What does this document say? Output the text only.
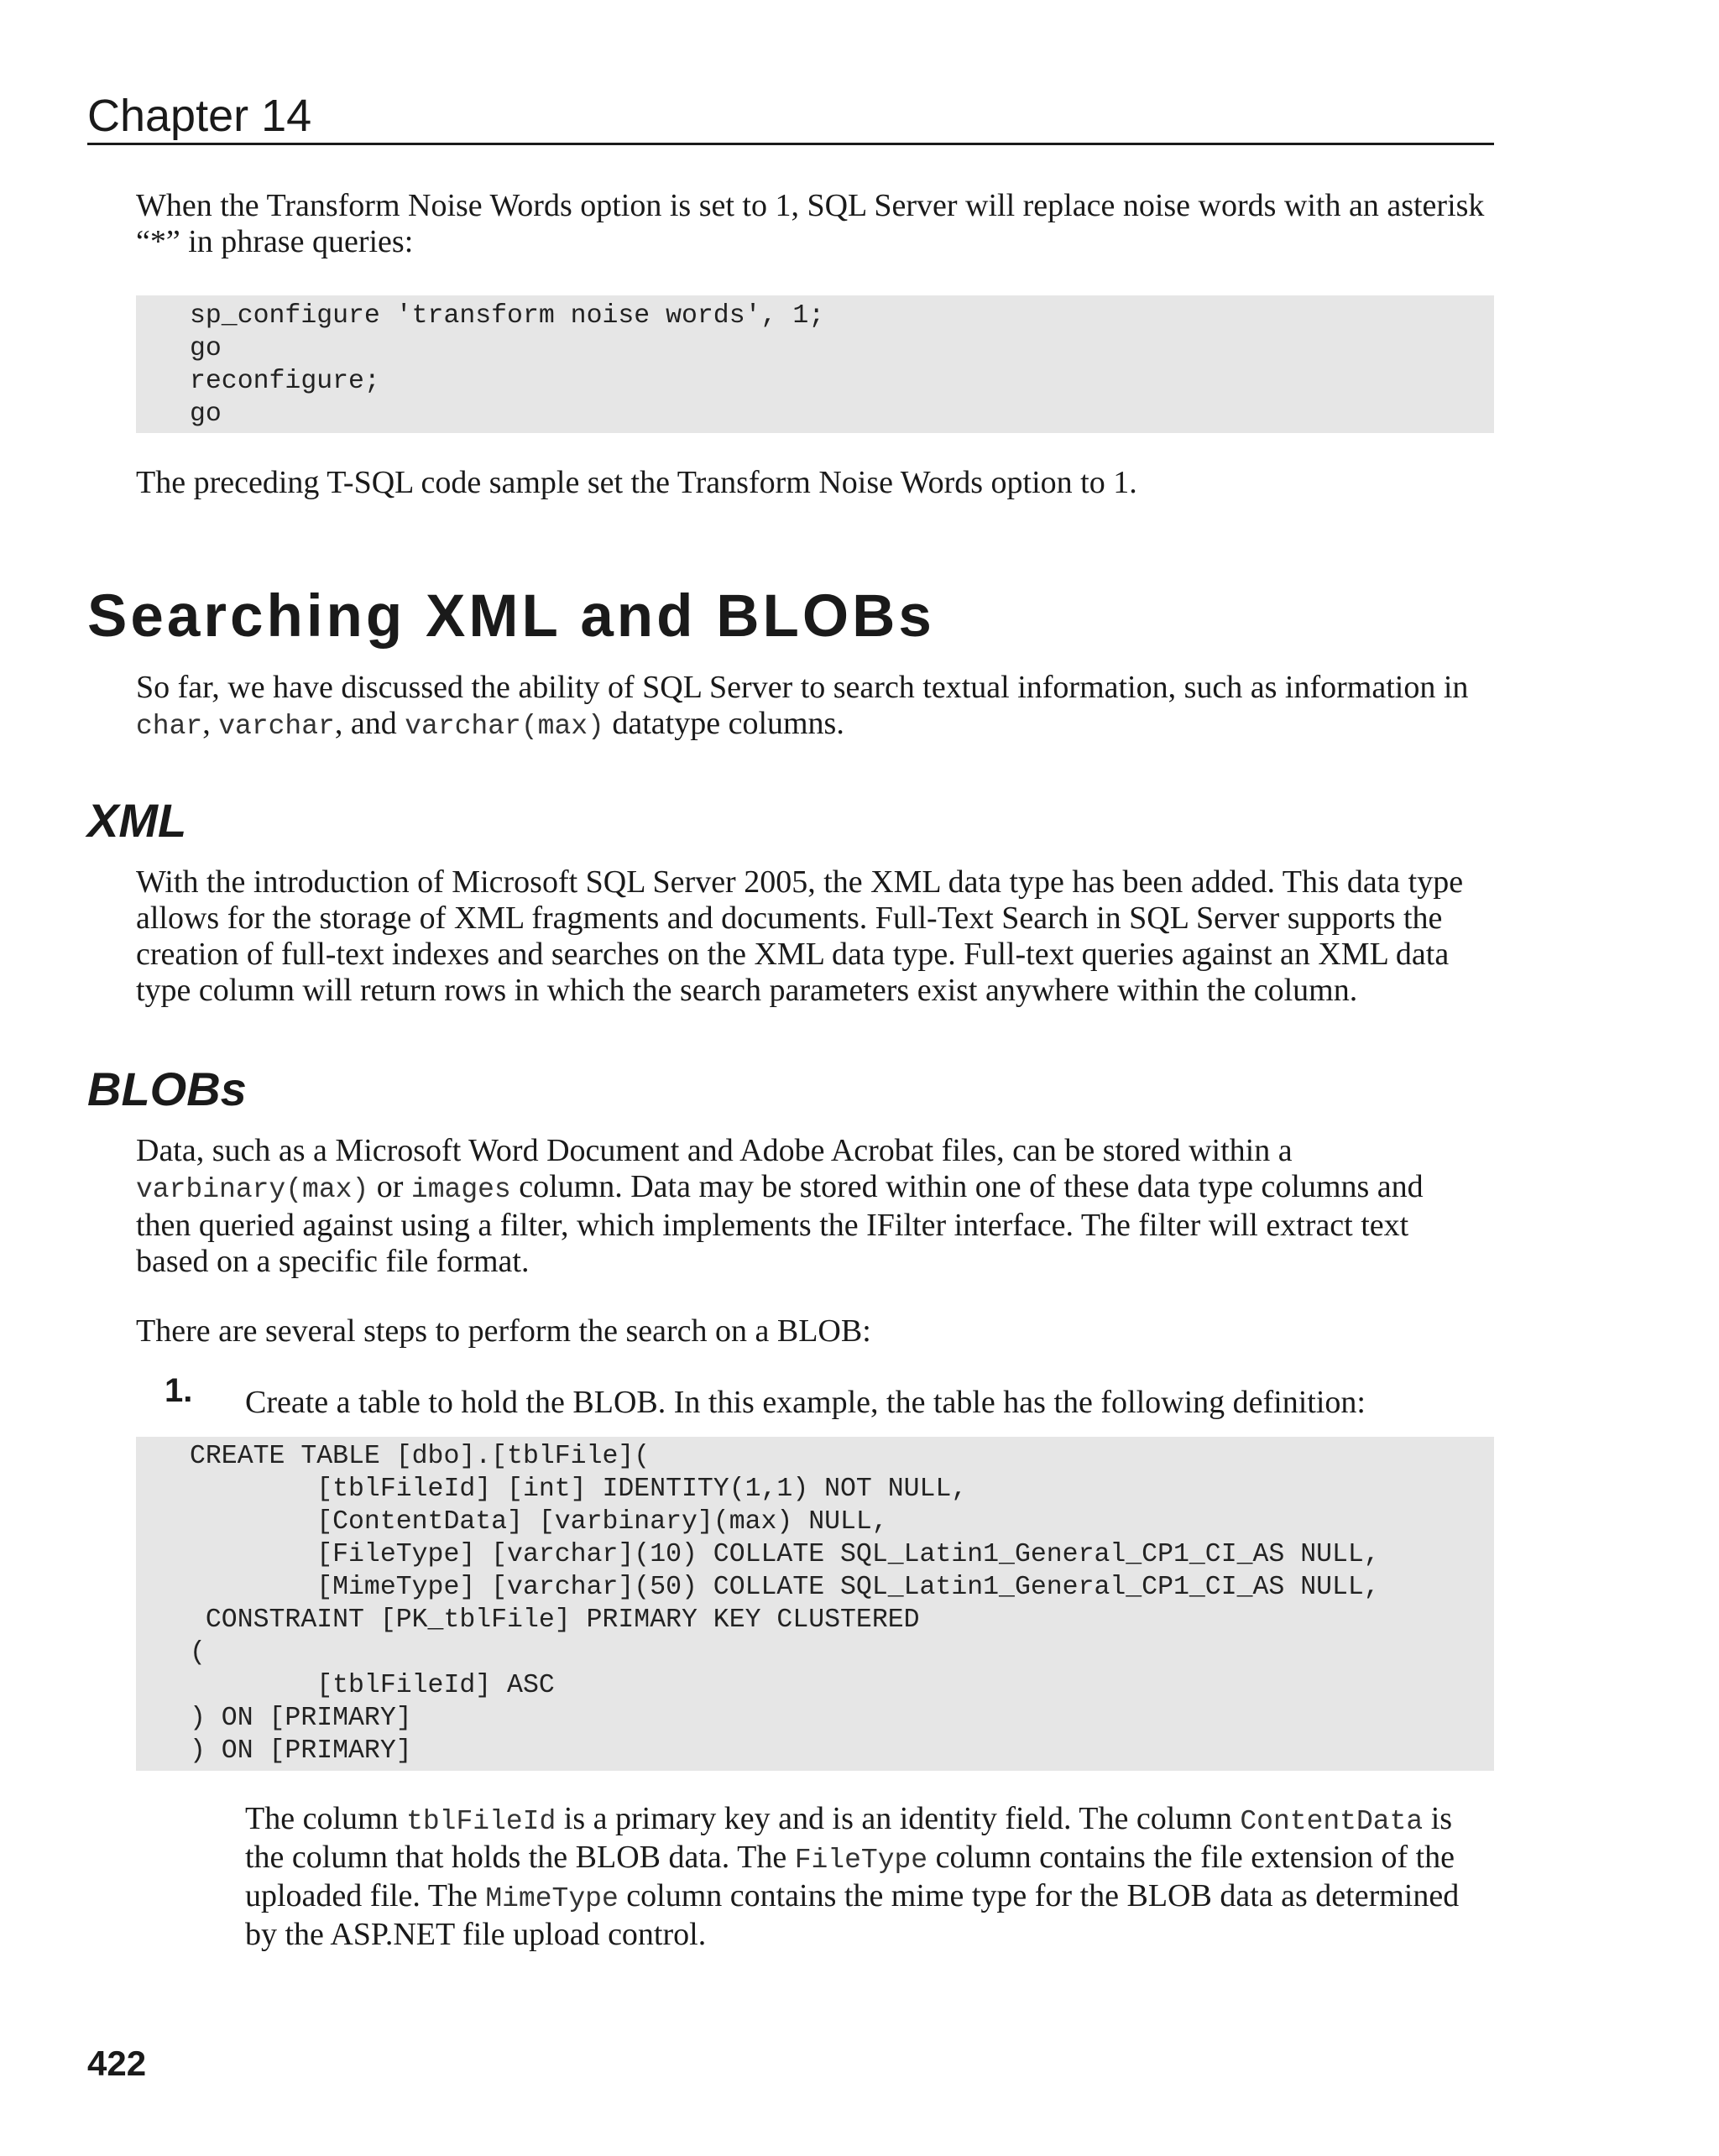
Chapter 14

When the Transform Noise Words option is set to 1, SQL Server will replace noise words with an asterisk

“*” in phrase queries:

sp_configure 'transform noise words', 1;
go
reconfigure;
go

The preceding T-SQL code sample set the Transform Noise Words option to 1.

Searching XML and BLOBs

So far, we have discussed the ability of SQL Server to search textual information, such as information in

char, varchar, and varchar(max) datatype columns.

XML

With the introduction of Microsoft SQL Server 2005, the XML data type has been added. This data type

allows for the storage of XML fragments and documents. Full-Text Search in SQL Server supports the

creation of full-text indexes and searches on the XML data type. Full-text queries against an XML data

type column will return rows in which the search parameters exist anywhere within the column.

BLOBs

Data, such as a Microsoft Word Document and Adobe Acrobat files, can be stored within a

varbinary(max) or images column. Data may be stored within one of these data type columns and

then queried against using a filter, which implements the IFilter interface. The filter will extract text

based on a specific file format.

There are several steps to perform the search on a BLOB:

1. Create a table to hold the BLOB. In this example, the table has the following definition:

CREATE TABLE [dbo].[tblFile](
[tblFileId] [int] IDENTITY(1,1) NOT NULL,
[ContentData] [varbinary](max) NULL,
[FileType] [varchar](10) COLLATE SQL_Latin1_General_CP1_CI_AS NULL,
[MimeType] [varchar](50) COLLATE SQL_Latin1_General_CP1_CI_AS NULL,
CONSTRAINT [PK_tblFile] PRIMARY KEY CLUSTERED
(
[tblFileId] ASC
) ON [PRIMARY]
) ON [PRIMARY]

The column tblFileId is a primary key and is an identity field. The column ContentData is

the column that holds the BLOB data. The FileType column contains the file extension of the

uploaded file. The MimeType column contains the mime type for the BLOB data as determined

by the ASP.NET file upload control.

422
